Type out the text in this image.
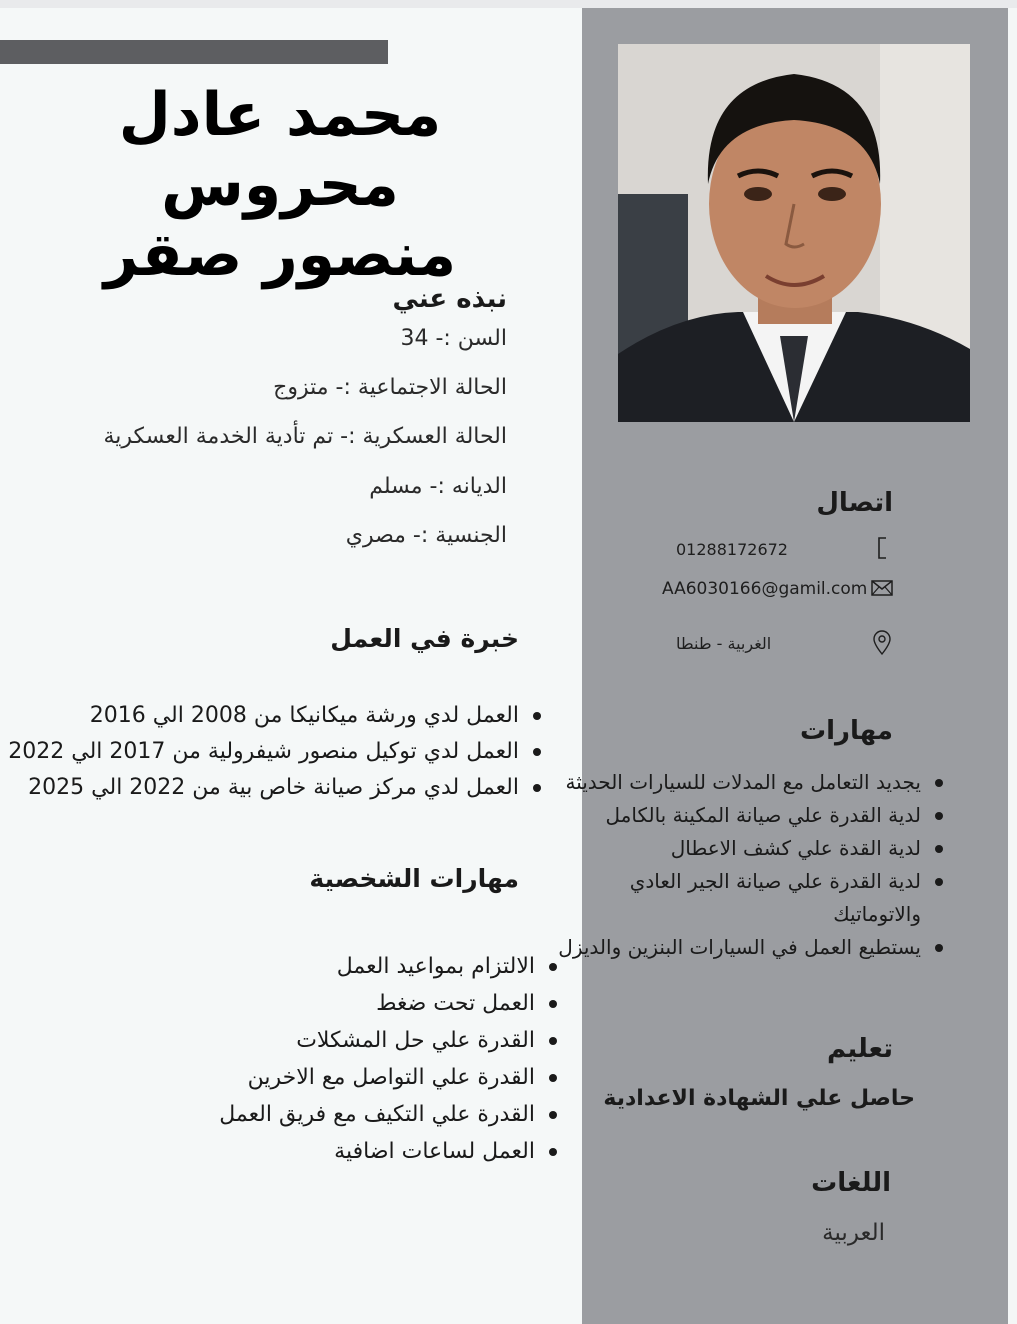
محمد عادل محروس
منصور صقر
نبذه عني
السن :- 34
الحالة الاجتماعية :- متزوج
الحالة العسكرية :- تم تأدية الخدمة العسكرية
الديانه :- مسلم
الجنسية :- مصري
خبرة في العمل
العمل لدي ورشة ميكانيكا من 2008 الي 2016
العمل لدي توكيل منصور شيفرولية من 2017 الي 2022
العمل لدي مركز صيانة خاص بية من 2022 الي 2025
مهارات الشخصية
الالتزام بمواعيد العمل
العمل تحت ضغط
القدرة علي حل المشكلات
القدرة علي التواصل مع الاخرين
القدرة علي التكيف مع فريق العمل
العمل لساعات اضافية
اتصال
01288172672
AA6030166@gamil.com
الغربية - طنطا
مهارات
يجديد التعامل مع المدلات للسيارات الحديثة
لدية القدرة علي صيانة المكينة بالكامل
لدية القدة علي كشف الاعطال
لدية القدرة علي صيانة الجير العادي
والاتوماتيك
يستطيع العمل في السيارات البنزين والديزل
تعليم
حاصل علي الشهادة الاعدادية
اللغات
العربية
